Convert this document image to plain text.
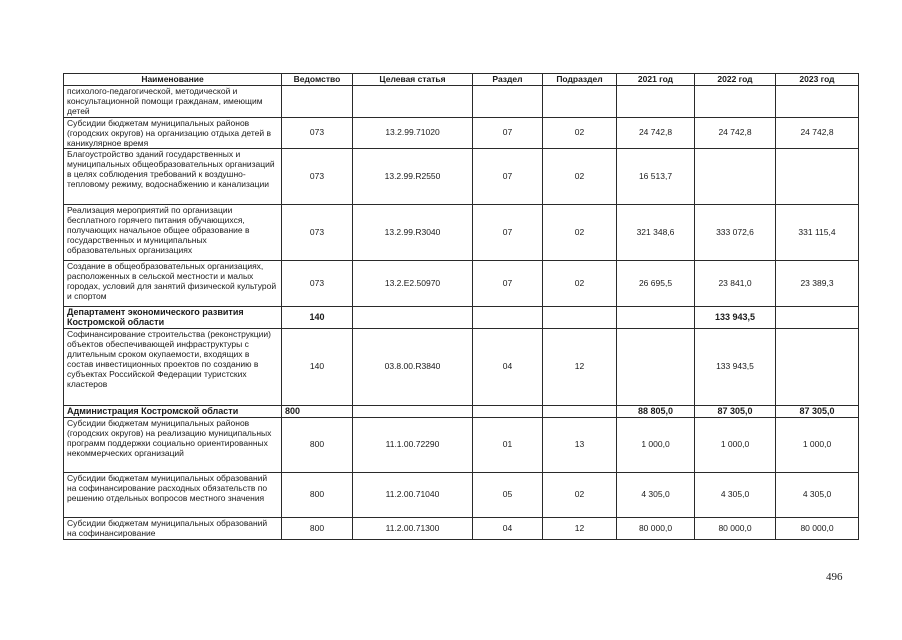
Наименование	Ведомство	Целевая статья	Раздел	Подраздел	2021 год	2022 год	2023 год
психолого-педагогической, методической и консультационной помощи гражданам, имеющим детей							
Субсидии бюджетам муниципальных районов (городских округов) на организацию отдыха детей в каникулярное время	073	13.2.99.71020	07	02	24 742,8	24 742,8	24 742,8
Благоустройство зданий государственных и муниципальных общеобразовательных организаций в целях соблюдения требований к воздушно-тепловому режиму, водоснабжению и канализации	073	13.2.99.R2550	07	02	16 513,7		
Реализация мероприятий по организации бесплатного горячего питания обучающихся, получающих начальное общее образование в государственных и муниципальных образовательных организациях	073	13.2.99.R3040	07	02	321 348,6	333 072,6	331 115,4
Создание в общеобразовательных организациях, расположенных в сельской местности и малых городах, условий для занятий физической культурой и спортом	073	13.2.E2.50970	07	02	26 695,5	23 841,0	23 389,3
Департамент экономического развития Костромской области	140					133 943,5	
Софинансирование строительства (реконструкции) объектов обеспечивающей инфраструктуры с длительным сроком окупаемости, входящих в состав инвестиционных проектов по созданию в субъектах Российской Федерации туристских кластеров	140	03.8.00.R3840	04	12		133 943,5	
Администрация Костромской области	800				88 805,0	87 305,0	87 305,0
Субсидии бюджетам муниципальных районов (городских округов) на реализацию муниципальных программ поддержки социально ориентированных некоммерческих организаций	800	11.1.00.72290	01	13	1 000,0	1 000,0	1 000,0
Субсидии бюджетам муниципальных образований на софинансирование расходных обязательств по решению отдельных вопросов местного значения	800	11.2.00.71040	05	02	4 305,0	4 305,0	4 305,0
Субсидии бюджетам муниципальных образований на софинансирование	800	11.2.00.71300	04	12	80 000,0	80 000,0	80 000,0
496
